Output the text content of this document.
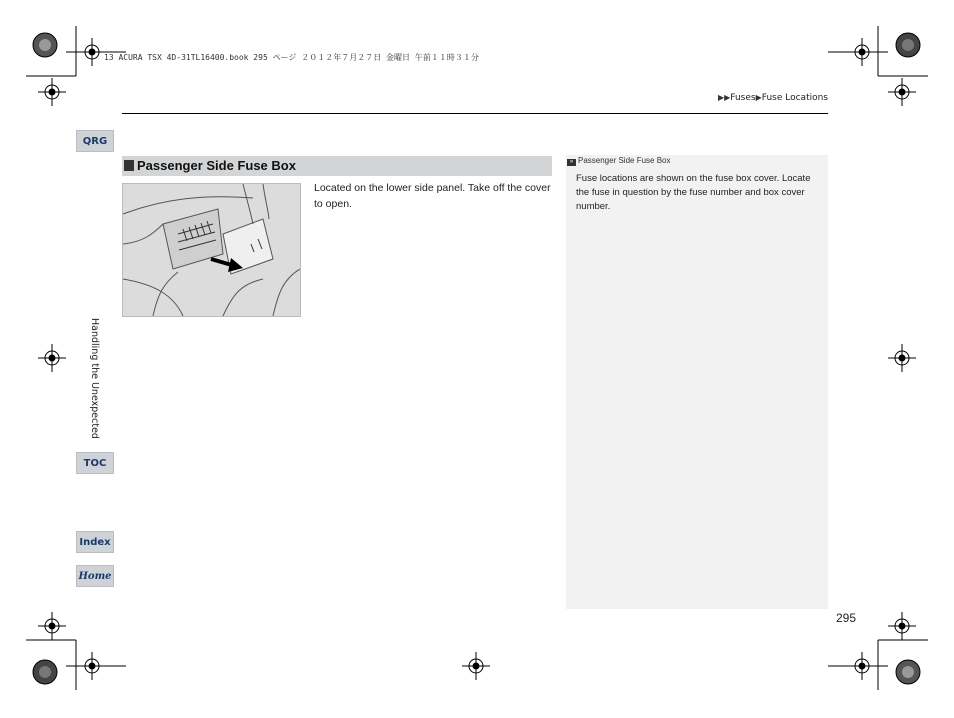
13 ACURA TSX 4D-31TL16400.book 295 ページ ２０１２年７月２７日 金曜日 午前１１時３１分
▶▶Fuses▶Fuse Locations
QRG
Handling the Unexpected
TOC
Index
Home
Passenger Side Fuse Box
Located on the lower side panel. Take off the cover to open.
» Passenger Side Fuse Box
Fuse locations are shown on the fuse box cover. Locate the fuse in question by the fuse number and box cover number.
295
